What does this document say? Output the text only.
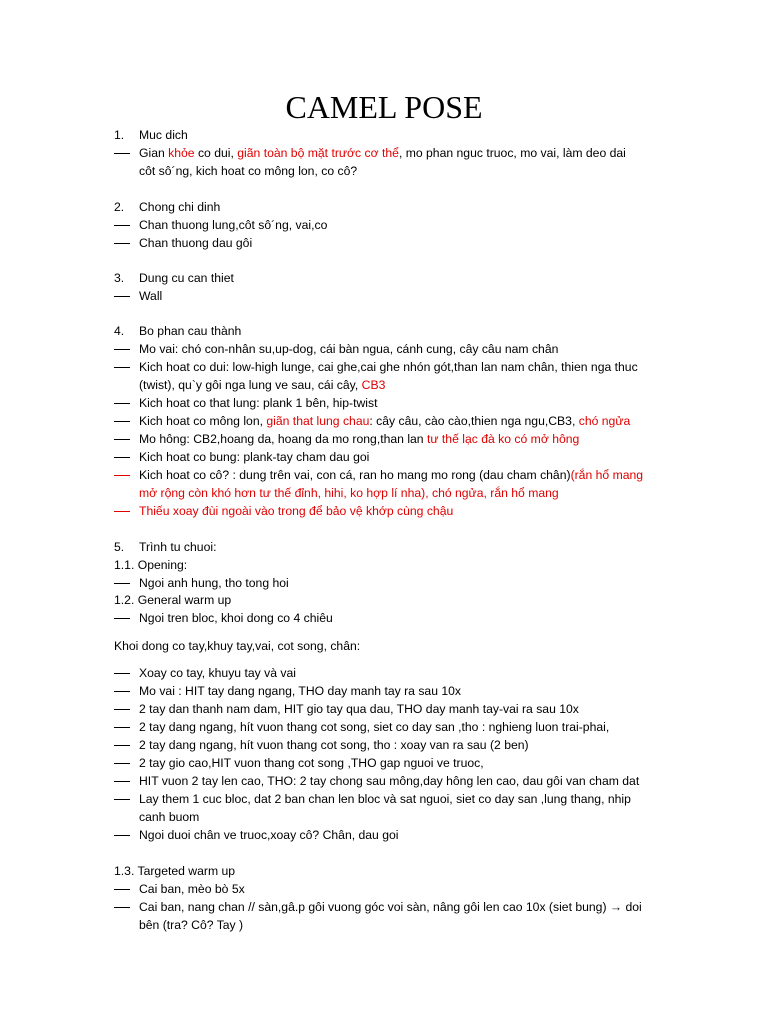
CAMEL POSE
1. Muc dich
Gian khỏe co dui, giãn toàn bộ mặt trước cơ thể, mo phan nguc truoc, mo vai, làm deo dai
côt sô´ng, kich hoat co mông lon, co cô?
2. Chong chi dinh
Chan thuong lung,côt sô´ng, vai,co
Chan thuong dau gôi
3. Dung cu can thiet
Wall
4. Bo phan cau thành
Mo vai: chó con-nhân su,up-dog, cái bàn ngua, cánh cung, cây câu nam chân
Kich hoat co dui: low-high lunge, cai ghe,cai ghe nhón gót,than lan nam chân, thien nga thuc
(twist), qu`y gôi nga lung ve sau, cái cây, CB3
Kich hoat co that lung: plank 1 bên, hip-twist
Kich hoat co mông lon, giãn that lung chau: cây câu, cào cào,thien nga ngu,CB3, chó ngửa
Mo hông: CB2,hoang da, hoang da mo rong,than lan tư thế lạc đà ko có mở hông
Kich hoat co bung: plank-tay cham dau goi
Kich hoat co cô? : dung trên vai, con cá, ran ho mang mo rong (dau cham chân)(rắn hổ mang
mở rộng còn khó hơn tư thế đỉnh, hihi, ko hợp lí nha), chó ngửa, rắn hổ mang
Thiếu xoay đùi ngoài vào trong để bảo vệ khớp cùng chậu
5. Trình tu chuoi:
1.1. Opening:
Ngoi anh hung, tho tong hoi
1.2. General warm up
Ngoi tren bloc, khoi dong co 4 chiêu
Khoi dong co tay,khuy tay,vai, cot song, chân:
Xoay co tay, khuyu tay và vai
Mo vai : HIT tay dang ngang, THO day manh tay ra sau 10x
2 tay dan thanh nam dam, HIT gio tay qua dau, THO day manh tay-vai ra sau 10x
2 tay dang ngang, hít vuon thang cot song, siet co day san ,tho : nghieng luon trai-phai,
2 tay dang ngang, hít vuon thang cot song, tho : xoay van ra sau (2 ben)
2 tay gio cao,HIT vuon thang cot song ,THO gap nguoi ve truoc,
HIT vuon 2 tay len cao, THO: 2 tay chong sau mông,day hông len cao, dau gôi van cham dat
Lay them 1 cuc bloc, dat 2 ban chan len bloc và sat nguoi, siet co day san ,lung thang, nhip
canh buom
Ngoi duoi chân ve truoc,xoay cô? Chân, dau goi
1.3. Targeted warm up
Cai ban, mèo bò 5x
Cai ban, nang chan // sàn,gâ.p gôi vuong góc voi sàn, nâng gôi len cao 10x (siet bung) → doi
bên (tra? Cô? Tay )
